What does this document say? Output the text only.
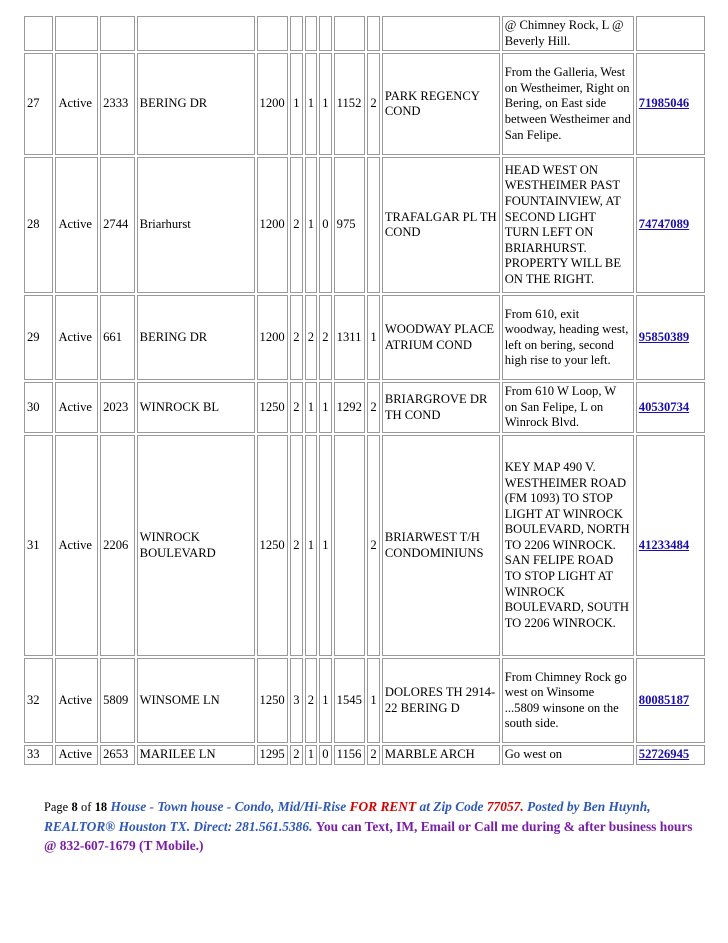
											@ Chimney Rock, L @ Beverly Hill.	
27	Active	2333	BERING DR	1200	1	1	1	1152	2	PARK REGENCY COND	From the Galleria, West on Westheimer, Right on Bering, on East side between Westheimer and San Felipe.	71985046
28	Active	2744	Briarhurst	1200	2	1	0	975		TRAFALGAR PL TH COND	HEAD WEST ON WESTHEIMER PAST FOUNTAINVIEW, AT SECOND LIGHT TURN LEFT ON BRIARHURST. PROPERTY WILL BE ON THE RIGHT.	74747089
29	Active	661	BERING DR	1200	2	2	2	1311	1	WOODWAY PLACE ATRIUM COND	From 610, exit woodway, heading west, left on bering, second high rise to your left.	95850389
30	Active	2023	WINROCK BL	1250	2	1	1	1292	2	BRIARGROVE DR TH COND	From 610 W Loop, W on San Felipe, L on Winrock Blvd.	40530734
31	Active	2206	WINROCK BOULEVARD	1250	2	1	1		2	BRIARWEST T/H CONDOMINIUNS	KEY MAP 490 V. WESTHEIMER ROAD (FM 1093) TO STOP LIGHT AT WINROCK BOULEVARD, NORTH TO 2206 WINROCK. SAN FELIPE ROAD TO STOP LIGHT AT WINROCK BOULEVARD, SOUTH TO 2206 WINROCK.	41233484
32	Active	5809	WINSOME LN	1250	3	2	1	1545	1	DOLORES TH 2914-22 BERING D	From Chimney Rock go west on Winsome ...5809 winsone on the south side.	80085187
33	Active	2653	MARILEE LN	1295	2	1	0	1156	2	MARBLE ARCH	Go west on	52726945
Page 8 of 18 House - Town house - Condo, Mid/Hi-Rise FOR RENT at Zip Code 77057. Posted by Ben Huynh, REALTOR® Houston TX. Direct: 281.561.5386. You can Text, IM, Email or Call me during & after business hours @ 832-607-1679 (T Mobile.)
